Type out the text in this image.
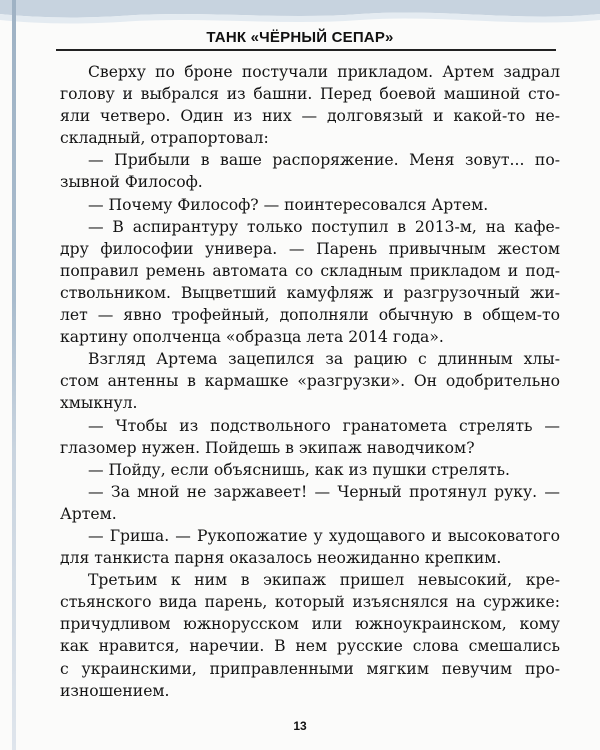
ТАНК «ЧЁРНЫЙ СЕПАР»
Сверху по броне постучали прикладом. Артем задрал
голову и выбрался из башни. Перед боевой машиной сто-
яли четверо. Один из них — долговязый и какой-то не-
складный, отрапортовал:
— Прибыли в ваше распоряжение. Меня зовут... по-
зывной Философ.
— Почему Философ? — поинтересовался Артем.
— В аспирантуру только поступил в 2013-м, на кафе-
дру философии универа. — Парень привычным жестом
поправил ремень автомата со складным прикладом и под-
ствольником. Выцветший камуфляж и разгрузочный жи-
лет — явно трофейный, дополняли обычную в общем-то
картину ополченца «образца лета 2014 года».
Взгляд Артема зацепился за рацию с длинным хлы-
стом антенны в кармашке «разгрузки». Он одобрительно
хмыкнул.
— Чтобы из подствольного гранатомета стрелять —
глазомер нужен. Пойдешь в экипаж наводчиком?
— Пойду, если объяснишь, как из пушки стрелять.
— За мной не заржавеет! — Черный протянул руку. —
Артем.
— Гриша. — Рукопожатие у худощавого и высоковатого
для танкиста парня оказалось неожиданно крепким.
Третьим к ним в экипаж пришел невысокий, кре-
стьянского вида парень, который изъяснялся на суржике:
причудливом южнорусском или южноукраинском, кому
как нравится, наречии. В нем русские слова смешались
с украинскими, приправленными мягким певучим про-
изношением.
13
